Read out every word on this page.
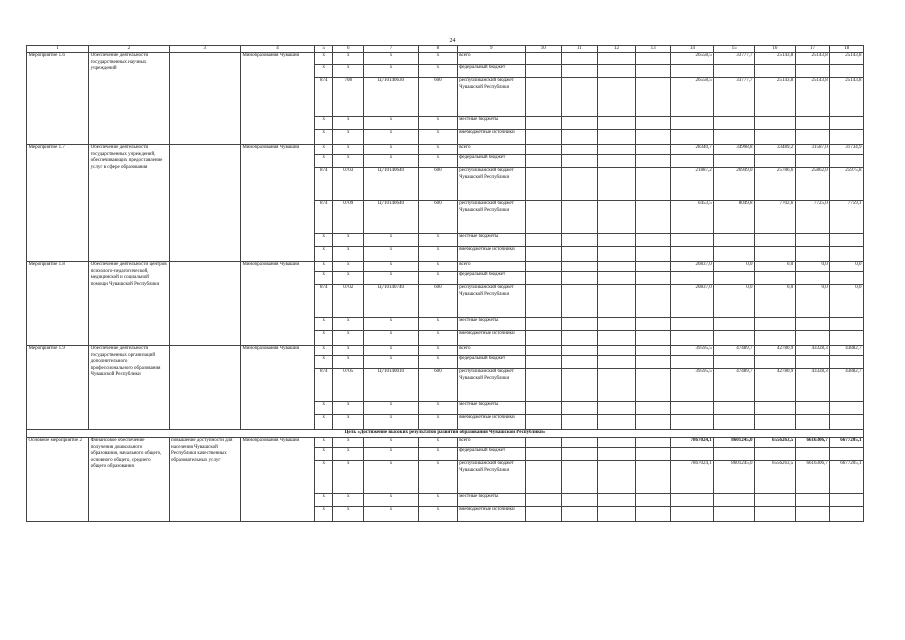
24
1	2	3	4	5	6	7	8	9	10	11	12	13	14	15	16	17	18
Мероприятие 1.6	Обеспечение деятельности государственных научных учреждений		Минобразования Чувашии	x	x	x	x	всего					26558,5	33777,7	25143,8	25143,8	25143,8
				x	x	x	x	федеральный бюджет									
				874	708	Ц710140630	600	республиканский бюджет Чувашской Республики					26558,5	33777,7	25143,8	25143,8	25143,8
				x	x	x	x	местные бюджеты									
				x	x	x	x	внебюджетные источники									
Мероприятие 1.7	Обеспечение деятельности государственных учреждений, обеспечивающих предоставление услуг в сфере образования		Минобразования Чувашии	x	x	x	x	всего					28340,7	34998,8	33489,2	31587,0	31734,9
				x	x	x	x	федеральный бюджет									
				874	0703	Ц710140640	600	республиканский бюджет Чувашской Республики					21887,2	26949,0	25786,6	25862,0	25975,8
				874	0709	Ц710140640	600	республиканский бюджет Чувашской Республики					6453,5	8049,8	7702,6	7725,0	7759,1
				x	x	x	x	местные бюджеты									
				x	x	x	x	внебюджетные источники									
Мероприятие 1.8	Обеспечение деятельности центров психолого-педагогической, медицинской и социальной помощи Чувашской Республики		Минобразования Чувашии	x	x	x	x	всего					20837,0	0,0	0,0	0,0	0,0
				x	x	x	x	федеральный бюджет									
				874	0702	Ц710140740	600	республиканский бюджет Чувашской Республики					20837,0	0,0	0,0	0,0	0,0
				x	x	x	x	местные бюджеты									
				x	x	x	x	внебюджетные источники									
Мероприятие 1.9	Обеспечение деятельности государственных организаций дополнительного профессионального образования Чувашской Республики		Минобразования Чувашии	x	x	x	x	всего					39595,5	47489,7	42780,9	43328,3	43882,7
				x	x	x	x	федеральный бюджет									
				874	0705	Ц710140010	600	республиканский бюджет Чувашской Республики					39595,5	47489,7	42780,9	43328,3	43882,7
				x	x	x	x	местные бюджеты									
				x	x	x	x	внебюджетные источники									
Цель «Достижение высоких результатов развития образования Чувашской Республики»																	
Основное мероприятие 2	Финансовое обеспечение получения дошкольного образования, начального общего, основного общего, среднего общего образования	повышение доступности для населения Чувашской Республики качественных образовательных услуг	Минобразования Чувашии	x	x	x	x	всего					7867024,1	8601245,0	6556263,5	6616306,7	6677205,1
				x	x	x	x	федеральный бюджет									
				x	x	x	x	республиканский бюджет Чувашской Республики					7867024,1	8601245,0	6556263,5	6616306,7	6677205,1
				x	x	x	x	местные бюджеты									
				x	x	x	x	внебюджетные источники									
